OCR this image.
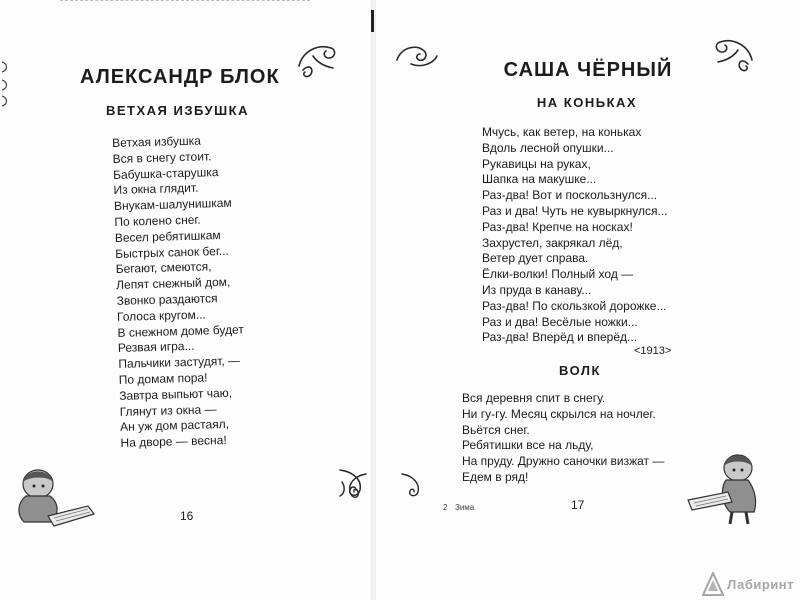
АЛЕКСАНДР БЛОК
ВЕТХАЯ ИЗБУШКА
Ветхая избушка
Вся в снегу стоит.
Бабушка-старушка
Из окна глядит.
Внукам-шалунишкам
По колено снег.
Весел ребятишкам
Быстрых санок бег...
Бегают, смеются,
Лепят снежный дом,
Звонко раздаются
Голоса кругом...
В снежном доме будет
Резвая игра...
Пальчики застудят, —
По домам пора!
Завтра выпьют чаю,
Глянут из окна —
Ан уж дом растаял,
На дворе — весна!
16
САША ЧЁРНЫЙ
НА КОНЬКАХ
Мчусь, как ветер, на коньках
Вдоль лесной опушки...
Рукавицы на руках,
Шапка на макушке...
Раз-два! Вот и поскользнулся...
Раз и два! Чуть не кувыркнулся...
Раз-два! Крепче на носках!
Захрустел, закрякал лёд,
Ветер дует справа.
Ёлки-волки! Полный ход —
Из пруда в канаву...
Раз-два! По скользкой дорожке...
Раз и два! Весёлые ножки...
Раз-два! Вперёд и вперёд...
<1913>
ВОЛК
Вся деревня спит в снегу.
Ни гу-гу. Месяц скрылся на ночлег.
Вьётся снег.
Ребятишки все на льду,
На пруду. Дружно саночки визжат —
Едем в ряд!
2 Зима	17
Лабиринт
